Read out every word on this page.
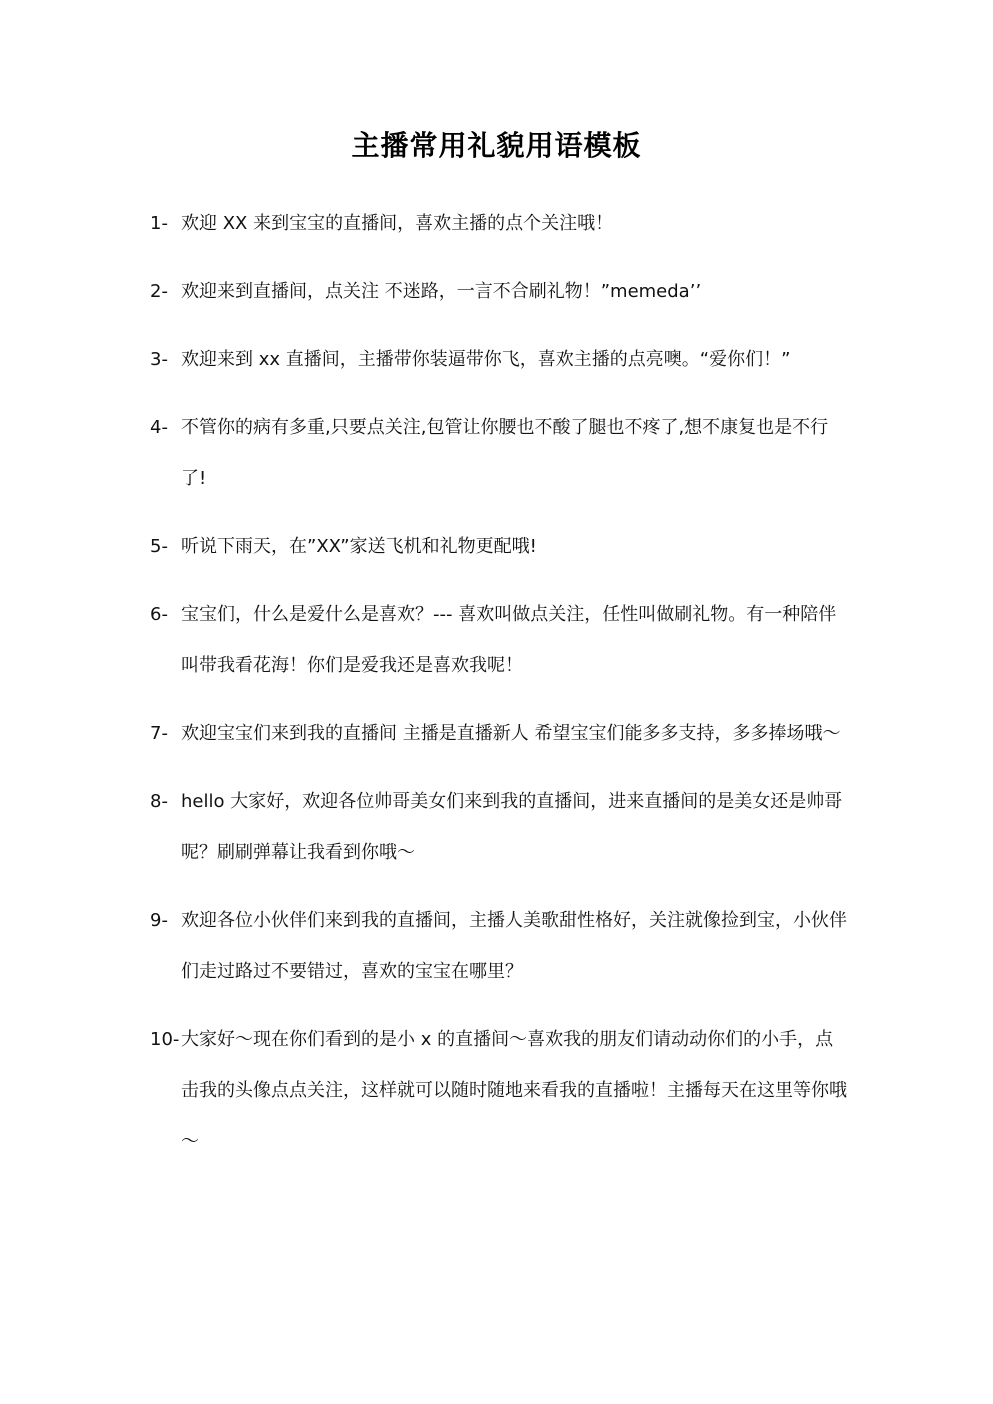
主播常用礼貌用语模板
1- 欢迎 XX 来到宝宝的直播间，喜欢主播的点个关注哦！
2- 欢迎来到直播间，点关注 不迷路，一言不合刷礼物！”memeda’’
3- 欢迎来到 xx 直播间，主播带你装逼带你飞，喜欢主播的点亮噢。“爱你们！”
4- 不管你的病有多重,只要点关注,包管让你腰也不酸了腿也不疼了,想不康复也是不行了!
5- 听说下雨天，在”XX”家送飞机和礼物更配哦!
6- 宝宝们，什么是爱什么是喜欢？--- 喜欢叫做点关注，任性叫做刷礼物。有一种陪伴叫带我看花海！你们是爱我还是喜欢我呢！
7- 欢迎宝宝们来到我的直播间 主播是直播新人 希望宝宝们能多多支持，多多捧场哦～
8- hello 大家好，欢迎各位帅哥美女们来到我的直播间，进来直播间的是美女还是帅哥呢？刷刷弹幕让我看到你哦～
9- 欢迎各位小伙伴们来到我的直播间，主播人美歌甜性格好，关注就像捡到宝，小伙伴们走过路过不要错过，喜欢的宝宝在哪里？
10- 大家好～现在你们看到的是小 x 的直播间～喜欢我的朋友们请动动你们的小手，点击我的头像点点关注，这样就可以随时随地来看我的直播啦！主播每天在这里等你哦～
